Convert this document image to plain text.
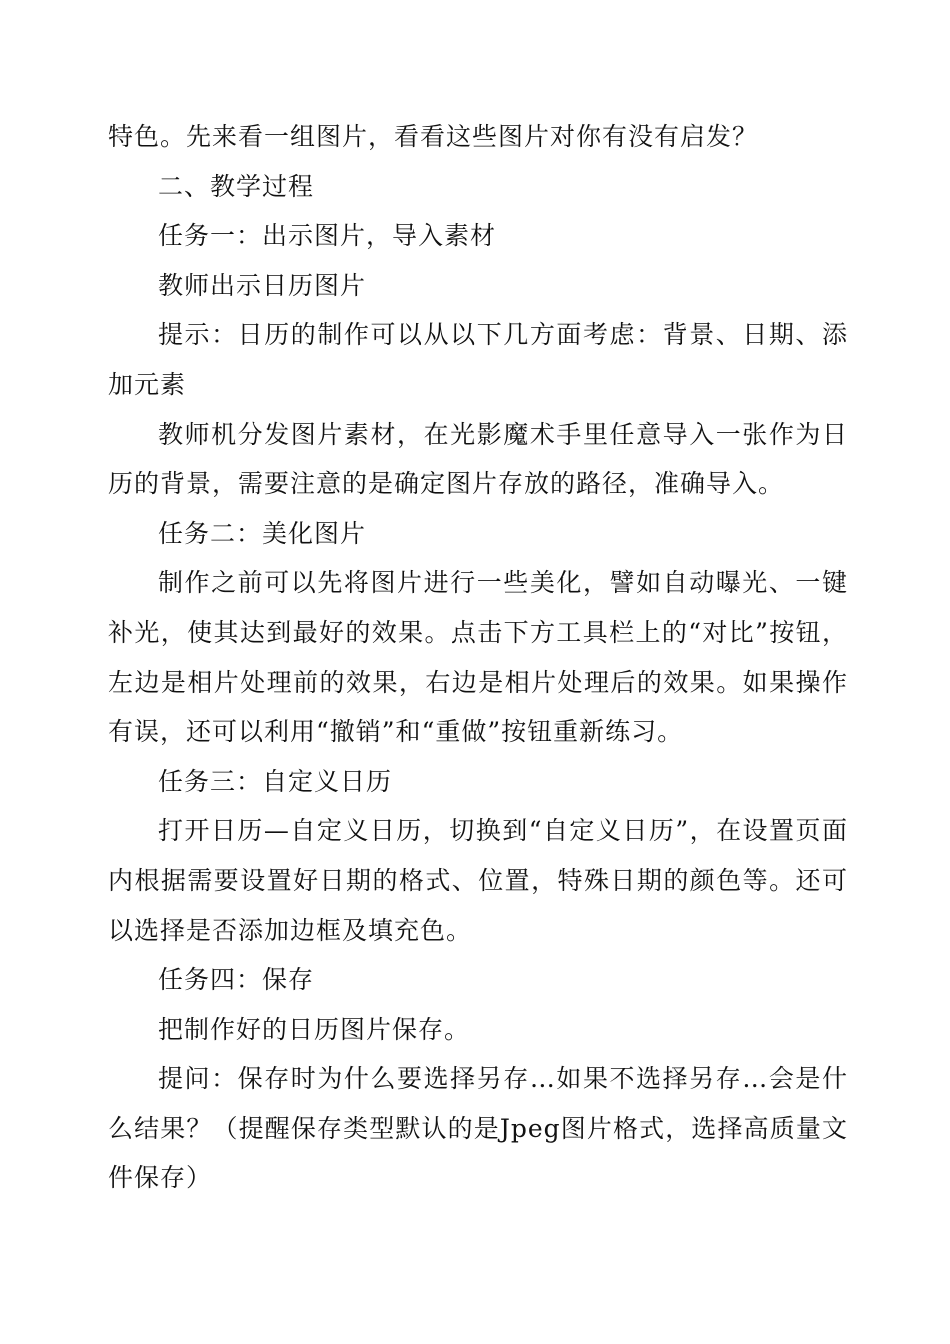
特色。先来看一组图片，看看这些图片对你有没有启发？

二、教学过程

任务一：出示图片，导入素材

教师出示日历图片

提示：日历的制作可以从以下几方面考虑：背景、日期、添加元素

教师机分发图片素材，在光影魔术手里任意导入一张作为日历的背景，需要注意的是确定图片存放的路径，准确导入。

任务二：美化图片

制作之前可以先将图片进行一些美化，譬如自动曝光、一键补光，使其达到最好的效果。点击下方工具栏上的“对比”按钮，左边是相片处理前的效果，右边是相片处理后的效果。如果操作有误，还可以利用“撤销”和“重做”按钮重新练习。

任务三：自定义日历

打开日历—自定义日历，切换到“自定义日历”，在设置页面内根据需要设置好日期的格式、位置，特殊日期的颜色等。还可以选择是否添加边框及填充色。

任务四：保存

把制作好的日历图片保存。

提问：保存时为什么要选择另存…如果不选择另存…会是什么结果？（提醒保存类型默认的是Jpeg图片格式，选择高质量文件保存）
